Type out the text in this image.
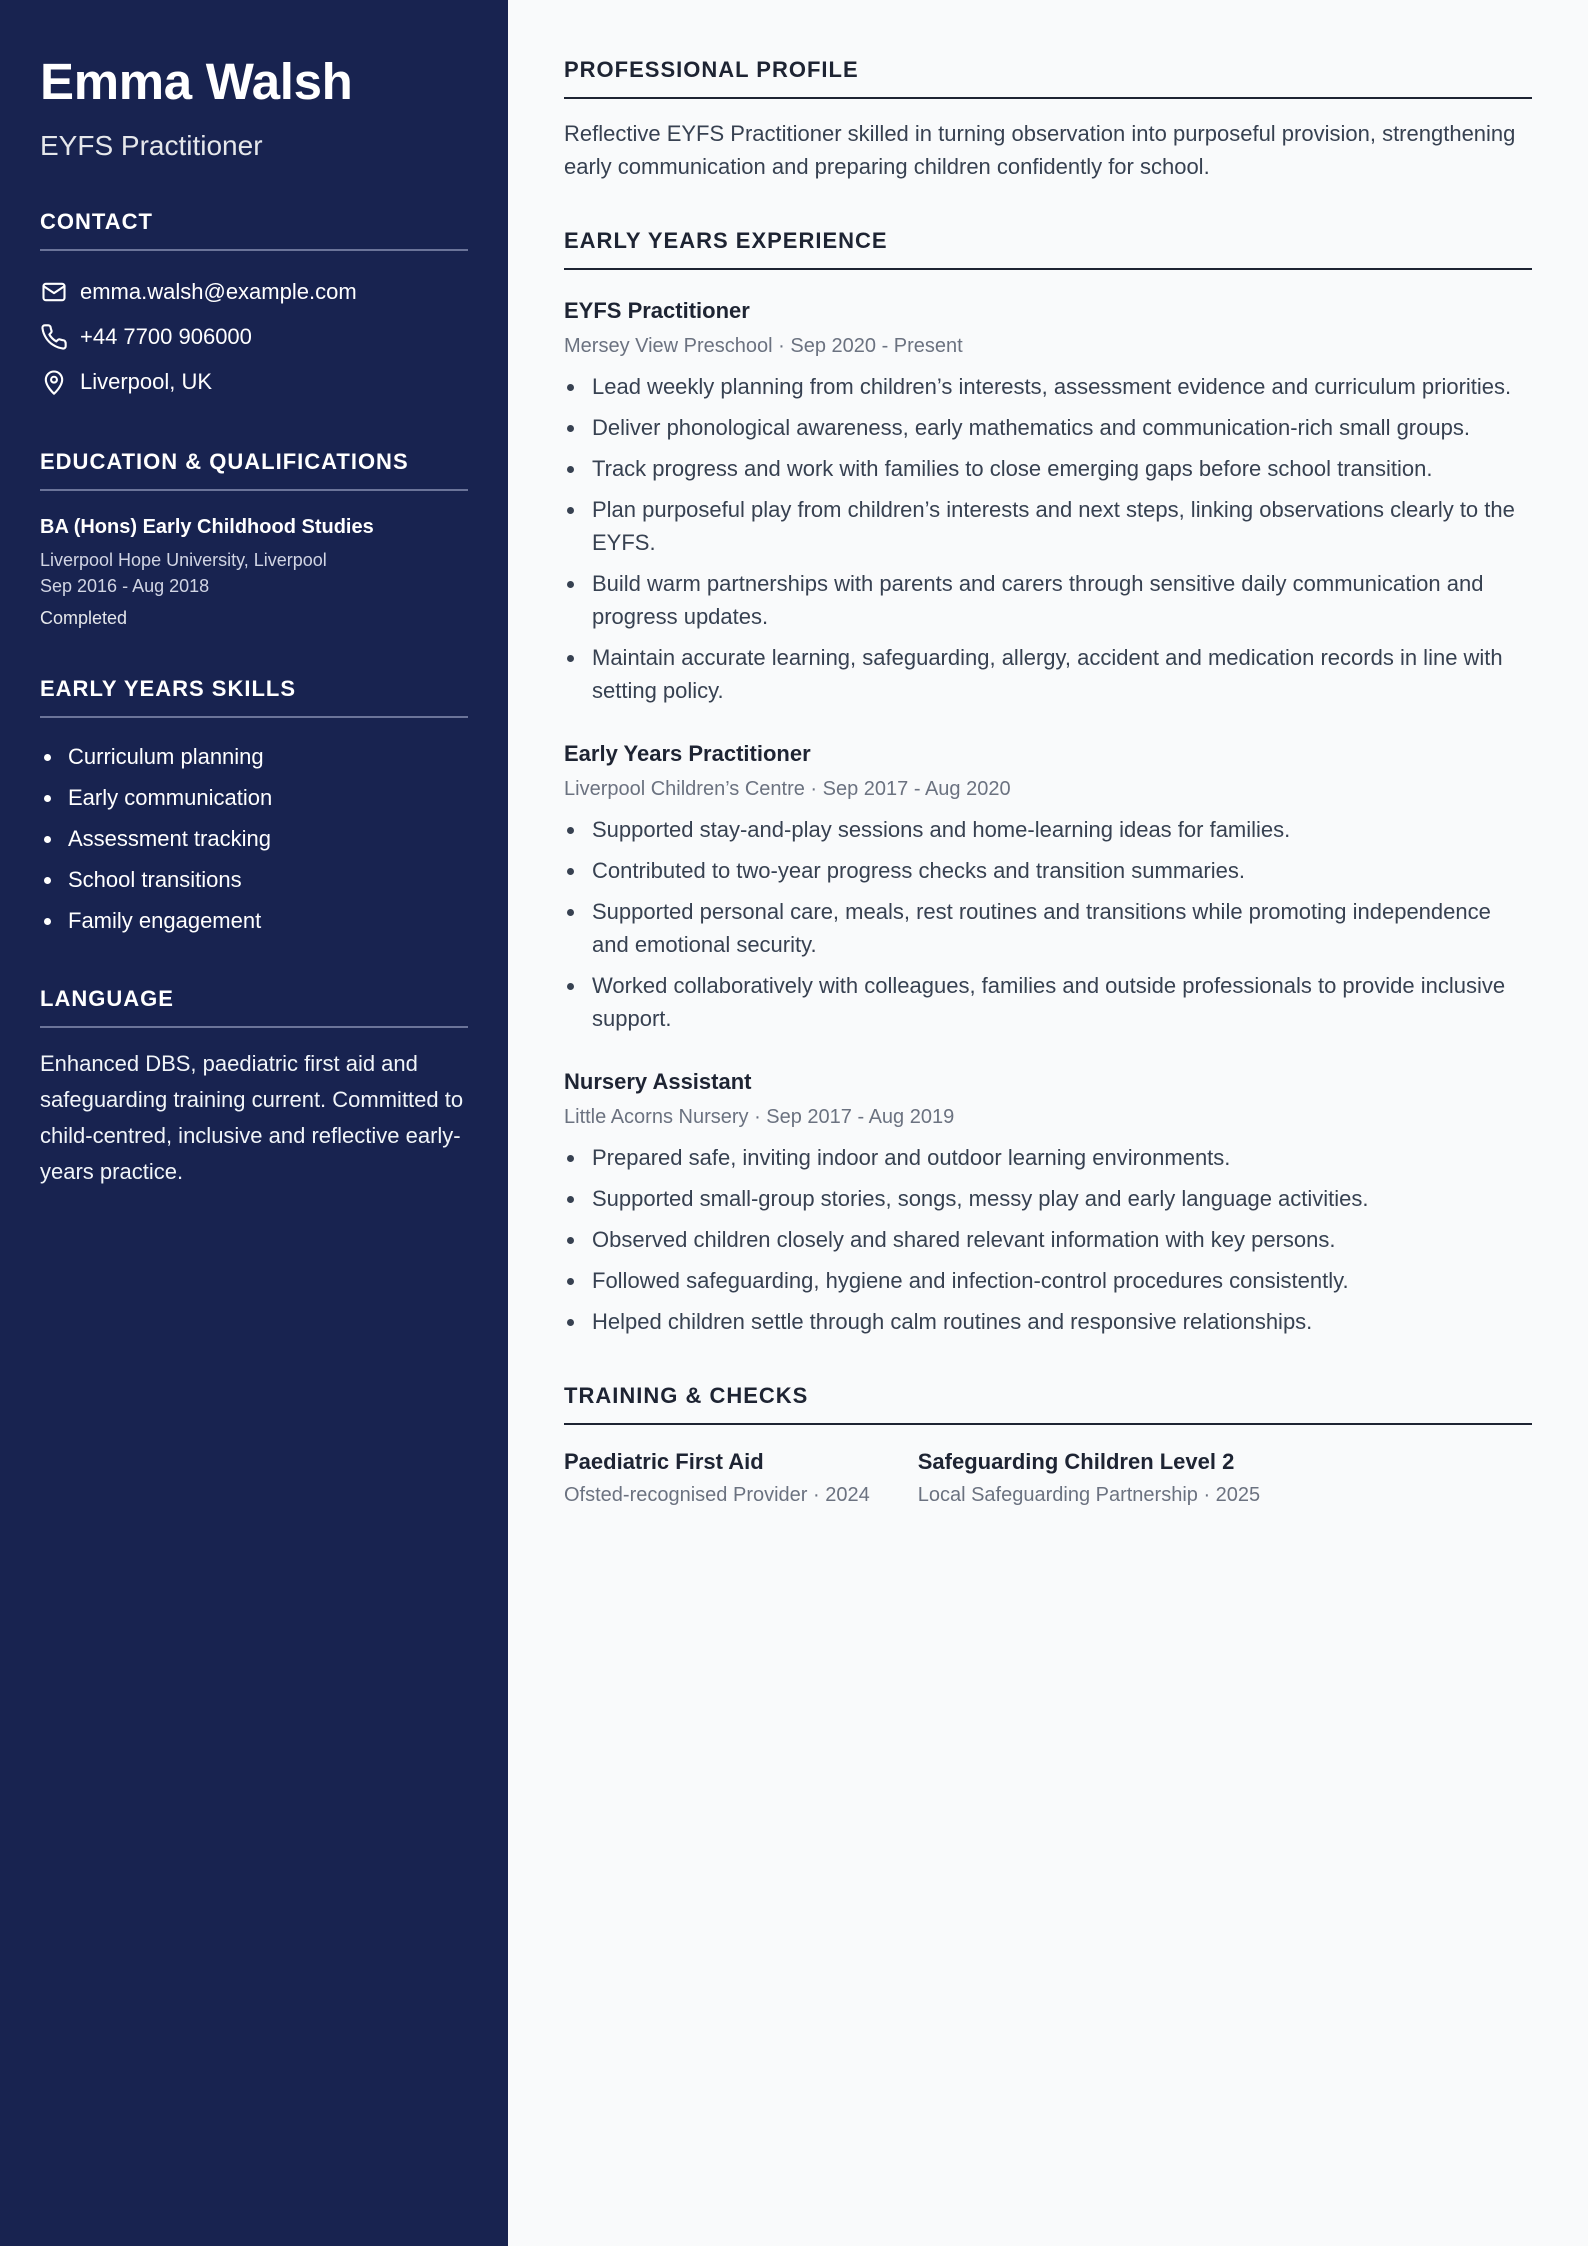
Emma Walsh
EYFS Practitioner
CONTACT
emma.walsh@example.com
+44 7700 906000
Liverpool, UK
EDUCATION & QUALIFICATIONS
BA (Hons) Early Childhood Studies
Liverpool Hope University, Liverpool
Sep 2016 - Aug 2018
Completed
EARLY YEARS SKILLS
Curriculum planning
Early communication
Assessment tracking
School transitions
Family engagement
LANGUAGE
Enhanced DBS, paediatric first aid and safeguarding training current. Committed to child-centred, inclusive and reflective early-years practice.
PROFESSIONAL PROFILE
Reflective EYFS Practitioner skilled in turning observation into purposeful provision, strengthening early communication and preparing children confidently for school.
EARLY YEARS EXPERIENCE
EYFS Practitioner
Mersey View Preschool · Sep 2020 - Present
Lead weekly planning from children’s interests, assessment evidence and curriculum priorities.
Deliver phonological awareness, early mathematics and communication-rich small groups.
Track progress and work with families to close emerging gaps before school transition.
Plan purposeful play from children’s interests and next steps, linking observations clearly to the EYFS.
Build warm partnerships with parents and carers through sensitive daily communication and progress updates.
Maintain accurate learning, safeguarding, allergy, accident and medication records in line with setting policy.
Early Years Practitioner
Liverpool Children’s Centre · Sep 2017 - Aug 2020
Supported stay-and-play sessions and home-learning ideas for families.
Contributed to two-year progress checks and transition summaries.
Supported personal care, meals, rest routines and transitions while promoting independence and emotional security.
Worked collaboratively with colleagues, families and outside professionals to provide inclusive support.
Nursery Assistant
Little Acorns Nursery · Sep 2017 - Aug 2019
Prepared safe, inviting indoor and outdoor learning environments.
Supported small-group stories, songs, messy play and early language activities.
Observed children closely and shared relevant information with key persons.
Followed safeguarding, hygiene and infection-control procedures consistently.
Helped children settle through calm routines and responsive relationships.
TRAINING & CHECKS
Paediatric First Aid
Ofsted-recognised Provider · 2024
Safeguarding Children Level 2
Local Safeguarding Partnership · 2025
